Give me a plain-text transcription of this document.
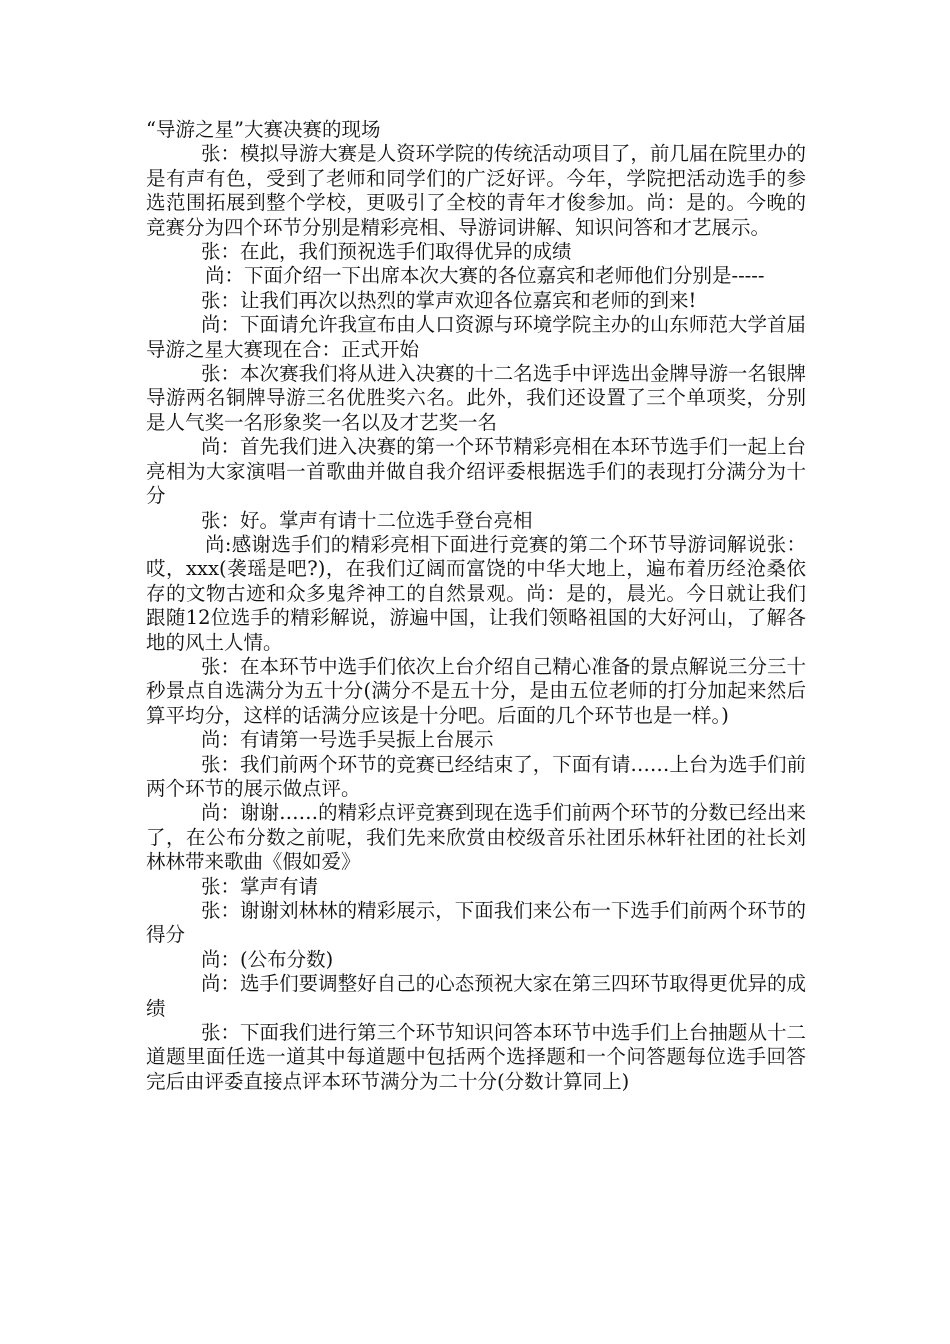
“导游之星”大赛决赛的现场

张：模拟导游大赛是人资环学院的传统活动项目了，前几届在院里办的是有声有色，受到了老师和同学们的广泛好评。今年，学院把活动选手的参选范围拓展到整个学校，更吸引了全校的青年才俊参加。尚：是的。今晚的竞赛分为四个环节分别是精彩亮相、导游词讲解、知识问答和才艺展示。

张：在此，我们预祝选手们取得优异的成绩

尚：下面介绍一下出席本次大赛的各位嘉宾和老师他们分别是-----

张：让我们再次以热烈的掌声欢迎各位嘉宾和老师的到来!

尚：下面请允许我宣布由人口资源与环境学院主办的山东师范大学首届导游之星大赛现在合：正式开始

张：本次赛我们将从进入决赛的十二名选手中评选出金牌导游一名银牌导游两名铜牌导游三名优胜奖六名。此外，我们还设置了三个单项奖，分别是人气奖一名形象奖一名以及才艺奖一名

尚：首先我们进入决赛的第一个环节精彩亮相在本环节选手们一起上台亮相为大家演唱一首歌曲并做自我介绍评委根据选手们的表现打分满分为十分

张：好。掌声有请十二位选手登台亮相

尚:感谢选手们的精彩亮相下面进行竞赛的第二个环节导游词解说张：哎，xxx(袭瑶是吧?)，在我们辽阔而富饶的中华大地上，遍布着历经沧桑依存的文物古迹和众多鬼斧神工的自然景观。尚：是的，晨光。今日就让我们跟随12位选手的精彩解说，游遍中国，让我们领略祖国的大好河山，了解各地的风土人情。

张：在本环节中选手们依次上台介绍自己精心准备的景点解说三分三十秒景点自选满分为五十分(满分不是五十分，是由五位老师的打分加起来然后算平均分，这样的话满分应该是十分吧。后面的几个环节也是一样。)

尚：有请第一号选手吴振上台展示

张：我们前两个环节的竞赛已经结束了，下面有请……上台为选手们前两个环节的展示做点评。

尚：谢谢……的精彩点评竞赛到现在选手们前两个环节的分数已经出来了，在公布分数之前呢，我们先来欣赏由校级音乐社团乐林轩社团的社长刘林林带来歌曲《假如爱》

张：掌声有请

张：谢谢刘林林的精彩展示，下面我们来公布一下选手们前两个环节的得分

尚：(公布分数)

尚：选手们要调整好自己的心态预祝大家在第三四环节取得更优异的成绩

张：下面我们进行第三个环节知识问答本环节中选手们上台抽题从十二道题里面任选一道其中每道题中包括两个选择题和一个问答题每位选手回答完后由评委直接点评本环节满分为二十分(分数计算同上)
